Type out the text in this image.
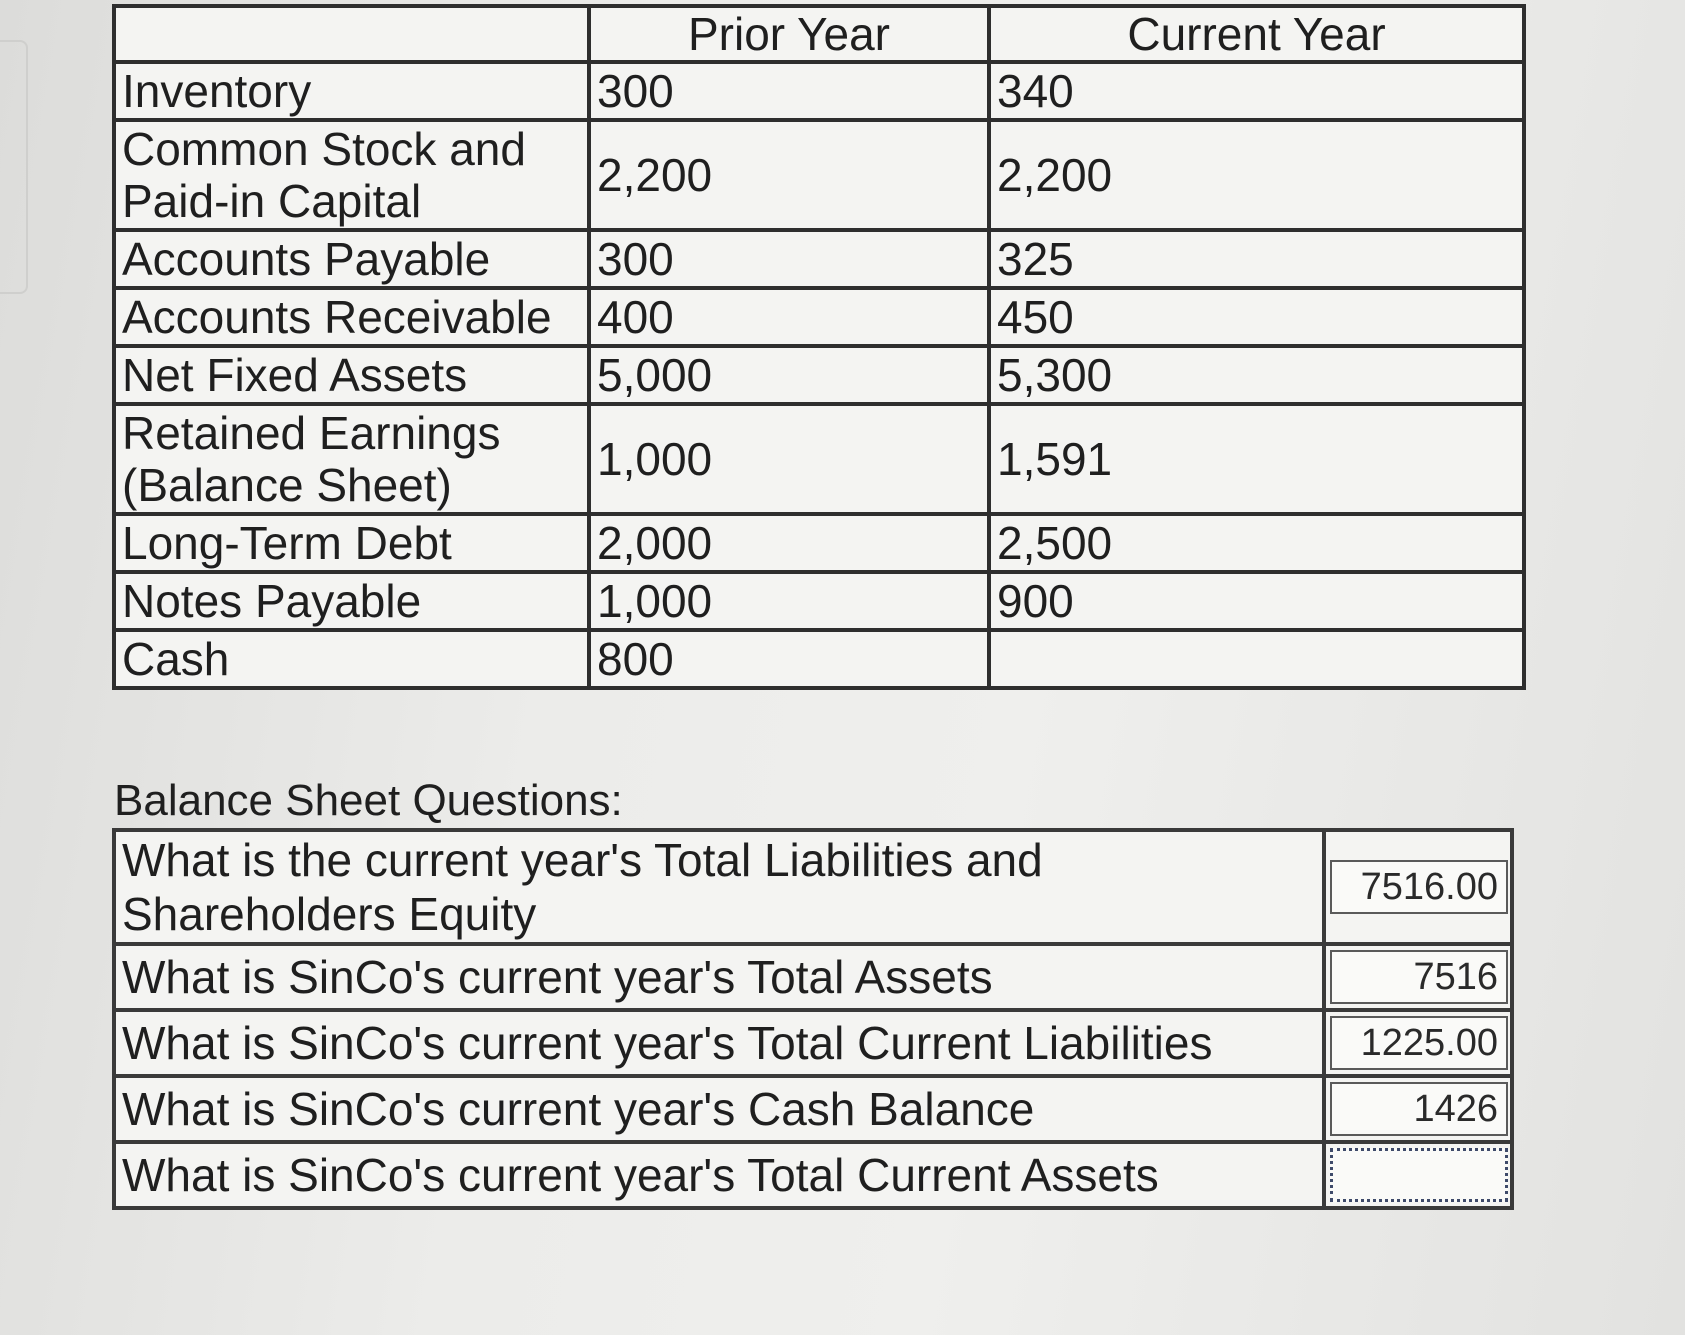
	Prior Year	Current Year
Inventory	300	340
Common Stock and Paid-in Capital	2,200	2,200
Accounts Payable	300	325
Accounts Receivable	400	450
Net Fixed Assets	5,000	5,300
Retained Earnings (Balance Sheet)	1,000	1,591
Long-Term Debt	2,000	2,500
Notes Payable	1,000	900
Cash	800	
Balance Sheet Questions:
What is the current year's Total Liabilities and Shareholders Equity	7516.00

What is SinCo's current year's Total Assets	7516

What is SinCo's current year's Total Current Liabilities	1225.00

What is SinCo's current year's Cash Balance	1426

What is SinCo's current year's Total Current Assets	
